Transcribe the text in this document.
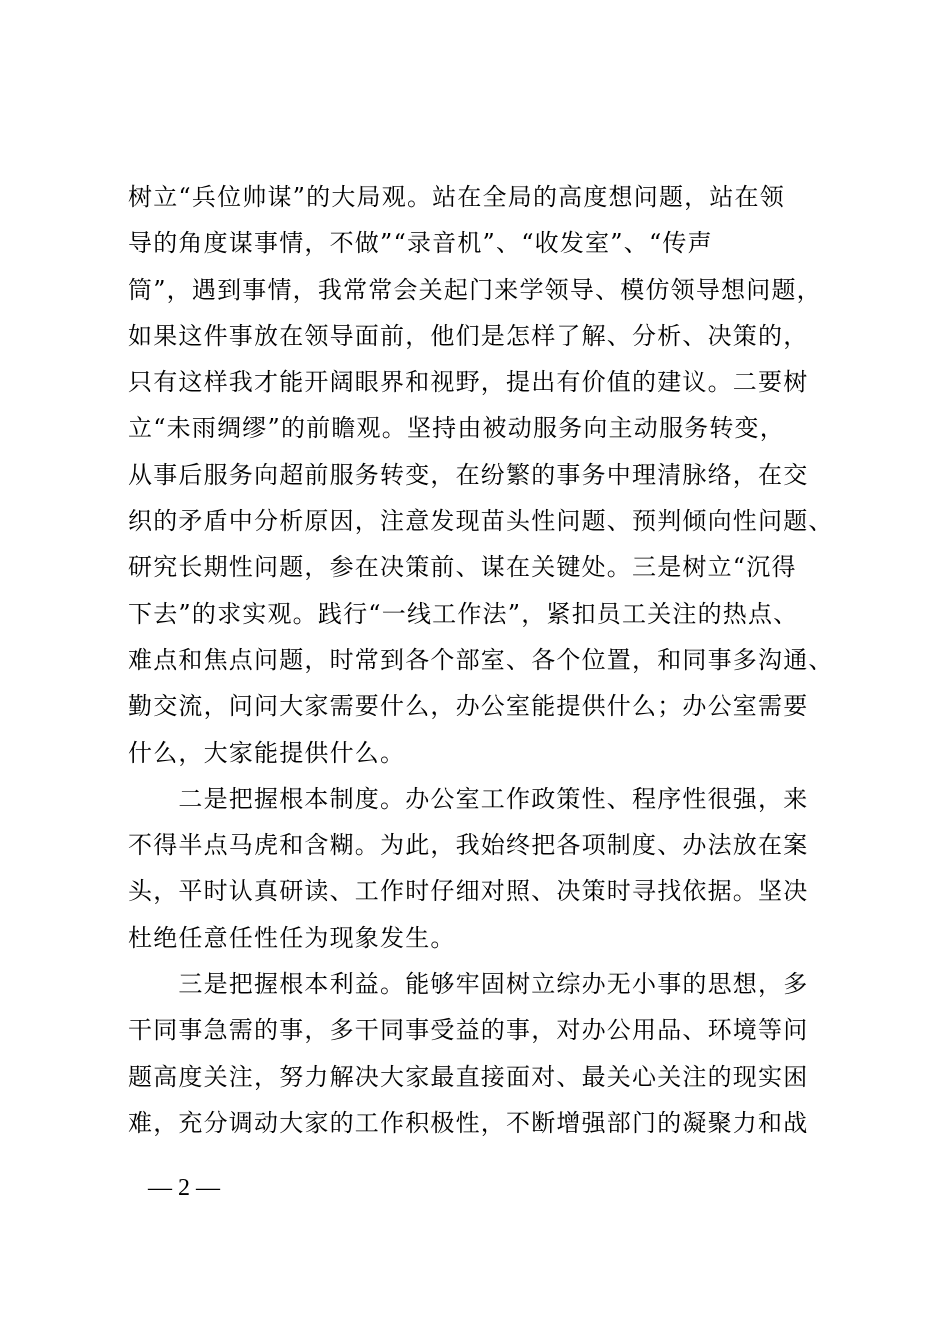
树立“兵位帅谋”的大局观。站在全局的高度想问题，站在领
导的角度谋事情，不做”“录音机”、“收发室”、“传声
筒”，遇到事情，我常常会关起门来学领导、模仿领导想问题，
如果这件事放在领导面前，他们是怎样了解、分析、决策的，
只有这样我才能开阔眼界和视野，提出有价值的建议。二要树
立“未雨绸缪”的前瞻观。坚持由被动服务向主动服务转变，
从事后服务向超前服务转变，在纷繁的事务中理清脉络，在交
织的矛盾中分析原因，注意发现苗头性问题、预判倾向性问题、
研究长期性问题，参在决策前、谋在关键处。三是树立“沉得
下去”的求实观。践行“一线工作法”，紧扣员工关注的热点、
难点和焦点问题，时常到各个部室、各个位置，和同事多沟通、
勤交流，问问大家需要什么，办公室能提供什么；办公室需要
什么，大家能提供什么。
　　二是把握根本制度。办公室工作政策性、程序性很强，来
不得半点马虎和含糊。为此，我始终把各项制度、办法放在案
头，平时认真研读、工作时仔细对照、决策时寻找依据。坚决
杜绝任意任性任为现象发生。
　　三是把握根本利益。能够牢固树立综办无小事的思想，多
干同事急需的事，多干同事受益的事，对办公用品、环境等问
题高度关注，努力解决大家最直接面对、最关心关注的现实困
难，充分调动大家的工作积极性，不断增强部门的凝聚力和战
— 2 —
